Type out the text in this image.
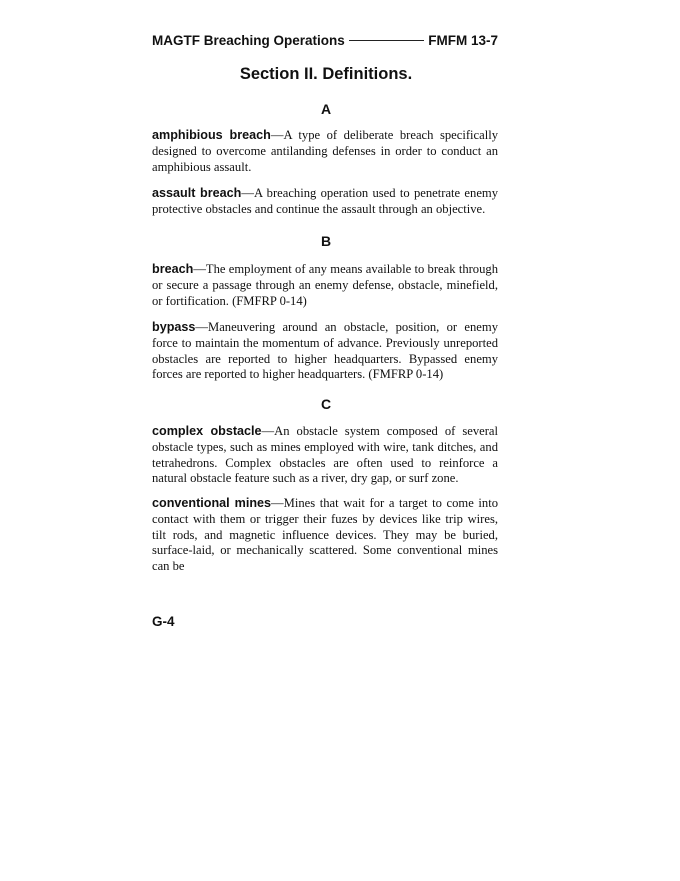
MAGTF Breaching Operations	FMFM 13-7
Section II. Definitions.
A
amphibious breach—A type of deliberate breach specifically designed to overcome antilanding defenses in order to conduct an amphibious assault.
assault breach—A breaching operation used to penetrate enemy protective obstacles and continue the assault through an objective.
B
breach—The employment of any means available to break through or secure a passage through an enemy defense, obstacle, minefield, or fortification. (FMFRP 0-14)
bypass—Maneuvering around an obstacle, position, or enemy force to maintain the momentum of advance. Previously unreported obstacles are reported to higher headquarters. Bypassed enemy forces are reported to higher headquarters. (FMFRP 0-14)
C
complex obstacle—An obstacle system composed of several obstacle types, such as mines employed with wire, tank ditches, and tetrahedrons. Complex obstacles are often used to reinforce a natural obstacle feature such as a river, dry gap, or surf zone.
conventional mines—Mines that wait for a target to come into contact with them or trigger their fuzes by devices like trip wires, tilt rods, and magnetic influence devices. They may be buried, surface-laid, or mechanically scattered. Some conventional mines can be
G-4
